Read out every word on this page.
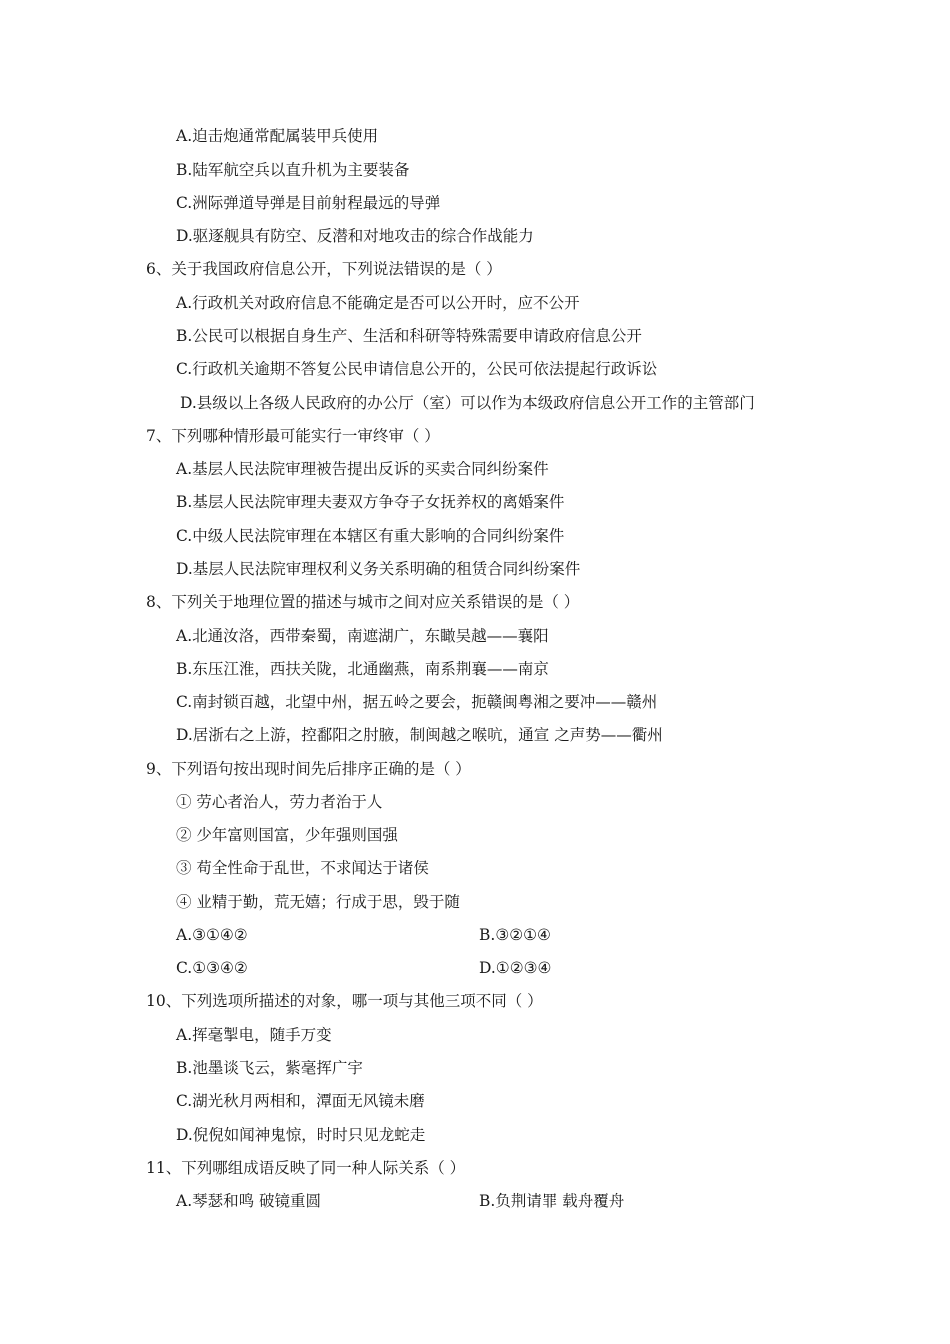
A.迫击炮通常配属装甲兵使用
B.陆军航空兵以直升机为主要装备
C.洲际弹道导弹是目前射程最远的导弹
D.驱逐舰具有防空、反潜和对地攻击的综合作战能力
6、关于我国政府信息公开，下列说法错误的是（ ）
A.行政机关对政府信息不能确定是否可以公开时，应不公开
B.公民可以根据自身生产、生活和科研等特殊需要申请政府信息公开
C.行政机关逾期不答复公民申请信息公开的，公民可依法提起行政诉讼
D.县级以上各级人民政府的办公厅（室）可以作为本级政府信息公开工作的主管部门
7、下列哪种情形最可能实行一审终审（ ）
A.基层人民法院审理被告提出反诉的买卖合同纠纷案件
B.基层人民法院审理夫妻双方争夺子女抚养权的离婚案件
C.中级人民法院审理在本辖区有重大影响的合同纠纷案件
D.基层人民法院审理权利义务关系明确的租赁合同纠纷案件
8、下列关于地理位置的描述与城市之间对应关系错误的是（ ）
A.北通汝洛，西带秦蜀，南遮湖广，东瞰吴越——襄阳
B.东压江淮，西扶关陇，北通幽燕，南系荆襄——南京
C.南封锁百越，北望中州，据五岭之要会，扼赣闽粤湘之要冲——赣州
D.居浙右之上游，控鄱阳之肘腋，制闽越之喉吭，通宣 之声势——衢州
9、下列语句按出现时间先后排序正确的是（ ）
① 劳心者治人，劳力者治于人
② 少年富则国富，少年强则国强
③ 苟全性命于乱世，不求闻达于诸侯
④ 业精于勤，荒无嬉；行成于思，毁于随
A.③①④②	B.③②①④
C.①③④②	D.①②③④
10、下列选项所描述的对象，哪一项与其他三项不同（ ）
A.挥毫掣电，随手万变
B.池墨谈飞云，紫毫挥广宇
C.湖光秋月两相和，潭面无风镜未磨
D.倪倪如闻神鬼惊，时时只见龙蛇走
11、下列哪组成语反映了同一种人际关系（ ）
A.琴瑟和鸣 破镜重圆	B.负荆请罪 载舟覆舟
